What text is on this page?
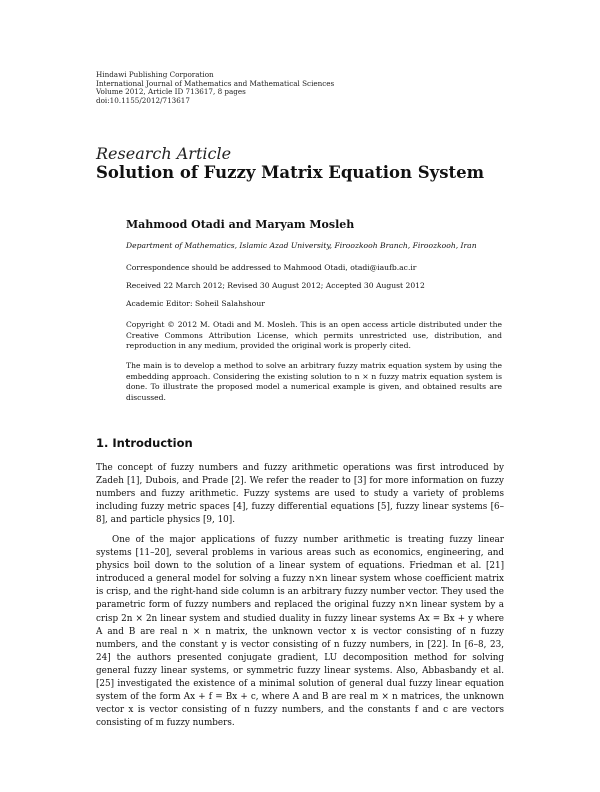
Hindawi Publishing Corporation
International Journal of Mathematics and Mathematical Sciences
Volume 2012, Article ID 713617, 8 pages
doi:10.1155/2012/713617
Research Article
Solution of Fuzzy Matrix Equation System
Mahmood Otadi and Maryam Mosleh
Department of Mathematics, Islamic Azad University, Firoozkooh Branch, Firoozkooh, Iran
Correspondence should be addressed to Mahmood Otadi, otadi@iaufb.ac.ir
Received 22 March 2012; Revised 30 August 2012; Accepted 30 August 2012
Academic Editor: Soheil Salahshour
Copyright © 2012 M. Otadi and M. Mosleh. This is an open access article distributed under the Creative Commons Attribution License, which permits unrestricted use, distribution, and reproduction in any medium, provided the original work is properly cited.
The main is to develop a method to solve an arbitrary fuzzy matrix equation system by using the embedding approach. Considering the existing solution to n × n fuzzy matrix equation system is done. To illustrate the proposed model a numerical example is given, and obtained results are discussed.
1. Introduction
The concept of fuzzy numbers and fuzzy arithmetic operations was first introduced by Zadeh [1], Dubois, and Prade [2]. We refer the reader to [3] for more information on fuzzy numbers and fuzzy arithmetic. Fuzzy systems are used to study a variety of problems including fuzzy metric spaces [4], fuzzy differential equations [5], fuzzy linear systems [6–8], and particle physics [9, 10].
One of the major applications of fuzzy number arithmetic is treating fuzzy linear systems [11–20], several problems in various areas such as economics, engineering, and physics boil down to the solution of a linear system of equations. Friedman et al. [21] introduced a general model for solving a fuzzy n×n linear system whose coefficient matrix is crisp, and the right-hand side column is an arbitrary fuzzy number vector. They used the parametric form of fuzzy numbers and replaced the original fuzzy n×n linear system by a crisp 2n × 2n linear system and studied duality in fuzzy linear systems Ax = Bx + y where A and B are real n × n matrix, the unknown vector x is vector consisting of n fuzzy numbers, and the constant y is vector consisting of n fuzzy numbers, in [22]. In [6–8, 23, 24] the authors presented conjugate gradient, LU decomposition method for solving general fuzzy linear systems, or symmetric fuzzy linear systems. Also, Abbasbandy et al. [25] investigated the existence of a minimal solution of general dual fuzzy linear equation system of the form Ax + f = Bx + c, where A and B are real m × n matrices, the unknown vector x is vector consisting of n fuzzy numbers, and the constants f and c are vectors consisting of m fuzzy numbers.
